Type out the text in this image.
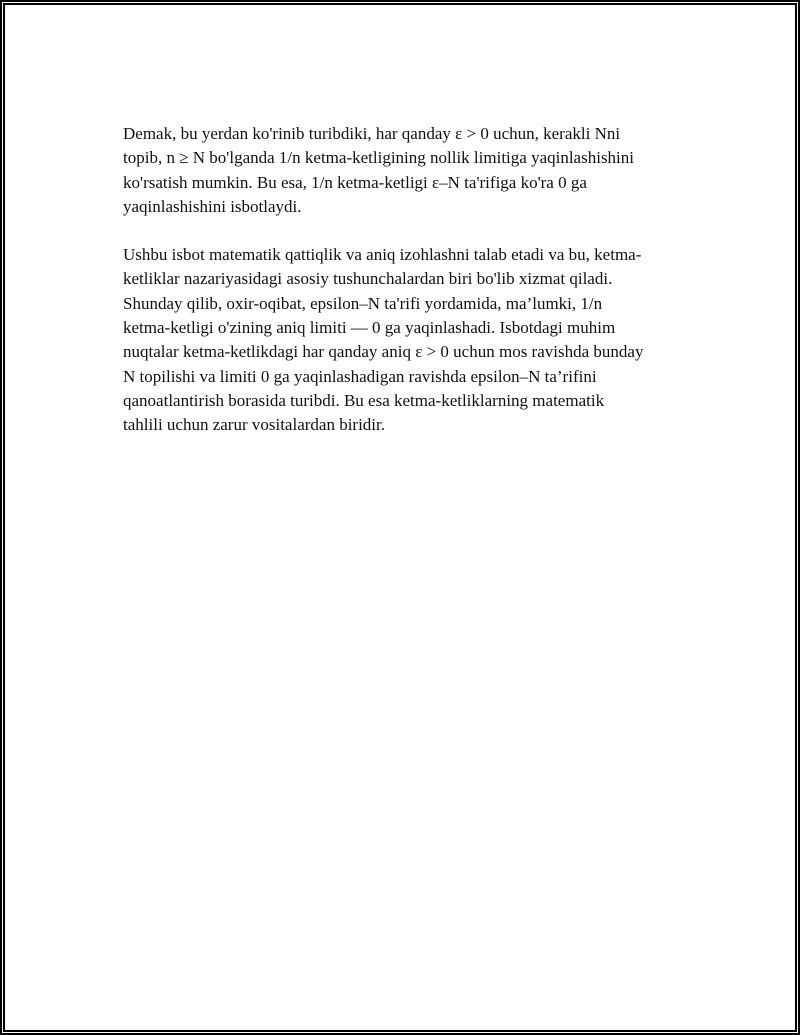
Demak, bu yerdan ko'rinib turibdiki, har qanday ε > 0 uchun, kerakli Nni
topib, n ≥ N bo'lganda 1/n ketma-ketligining nollik limitiga yaqinlashishini
ko'rsatish mumkin. Bu esa, 1/n ketma-ketligi ε–N ta'rifiga ko'ra 0 ga
yaqinlashishini isbotlaydi.

Ushbu isbot matematik qattiqlik va aniq izohlashni talab etadi va bu, ketma-
ketliklar nazariyasidagi asosiy tushunchalardan biri bo'lib xizmat qiladi.
Shunday qilib, oxir-oqibat, epsilon–N ta'rifi yordamida, ma’lumki, 1/n
ketma-ketligi o'zining aniq limiti — 0 ga yaqinlashadi. Isbotdagi muhim
nuqtalar ketma-ketlikdagi har qanday aniq ε > 0 uchun mos ravishda bunday
N topilishi va limiti 0 ga yaqinlashadigan ravishda epsilon–N ta’rifini
qanoatlantirish borasida turibdi. Bu esa ketma-ketliklarning matematik
tahlili uchun zarur vositalardan biridir.
